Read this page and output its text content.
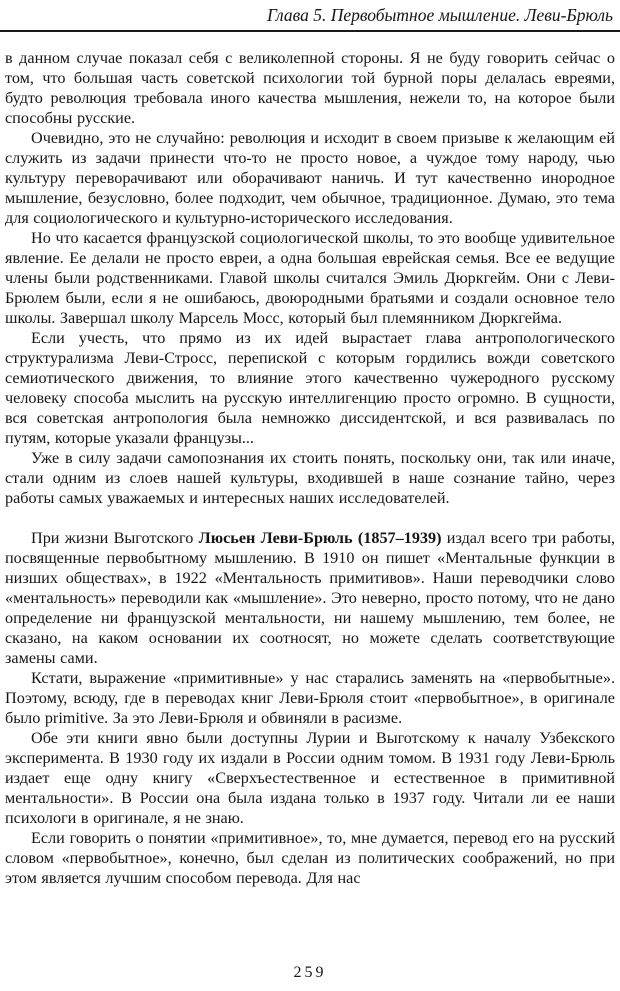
Глава 5. Первобытное мышление. Леви-Брюль

в данном случае показал себя с великолепной стороны. Я не буду говорить сейчас о том, что большая часть советской психологии той бурной поры делалась евреями, будто революция требовала иного качества мышления, нежели то, на которое были способны русские.

Очевидно, это не случайно: революция и исходит в своем призыве к желающим ей служить из задачи принести что-то не просто новое, а чуждое тому народу, чью культуру переворачивают или оборачивают наничь. И тут качественно инородное мышление, безусловно, более подходит, чем обычное, традиционное. Думаю, это тема для социологического и культурно-исторического исследования.

Но что касается французской социологической школы, то это вообще удивительное явление. Ее делали не просто евреи, а одна большая еврейская семья. Все ее ведущие члены были родственниками. Главой школы считался Эмиль Дюркгейм. Они с Леви-Брюлем были, если я не ошибаюсь, двоюродными братьями и создали основное тело школы. Завершал школу Марсель Мосс, который был племянником Дюркгейма.

Если учесть, что прямо из их идей вырастает глава антропологического структурализма Леви-Стросс, перепиской с которым гордились вожди советского семиотического движения, то влияние этого качественно чужеродного русскому человеку способа мыслить на русскую интеллигенцию просто огромно. В сущности, вся советская антропология была немножко диссидентской, и вся развивалась по путям, которые указали французы...

Уже в силу задачи самопознания их стоить понять, поскольку они, так или иначе, стали одним из слоев нашей культуры, входившей в наше сознание тайно, через работы самых уважаемых и интересных наших исследователей.

При жизни Выготского Люсьен Леви-Брюль (1857–1939) издал всего три работы, посвященные первобытному мышлению. В 1910 он пишет «Ментальные функции в низших обществах», в 1922 «Ментальность примитивов». Наши переводчики слово «ментальность» переводили как «мышление». Это неверно, просто потому, что не дано определение ни французской ментальности, ни нашему мышлению, тем более, не сказано, на каком основании их соотносят, но можете сделать соответствующие замены сами.

Кстати, выражение «примитивные» у нас старались заменять на «первобытные». Поэтому, всюду, где в переводах книг Леви-Брюля стоит «первобытное», в оригинале было primitive. За это Леви-Брюля и обвиняли в расизме.

Обе эти книги явно были доступны Лурии и Выготскому к началу Узбекского эксперимента. В 1930 году их издали в России одним томом. В 1931 году Леви-Брюль издает еще одну книгу «Сверхъестественное и естественное в примитивной ментальности». В России она была издана только в 1937 году. Читали ли ее наши психологи в оригинале, я не знаю.

Если говорить о понятии «примитивное», то, мне думается, перевод его на русский словом «первобытное», конечно, был сделан из политических соображений, но при этом является лучшим способом перевода. Для нас

259
